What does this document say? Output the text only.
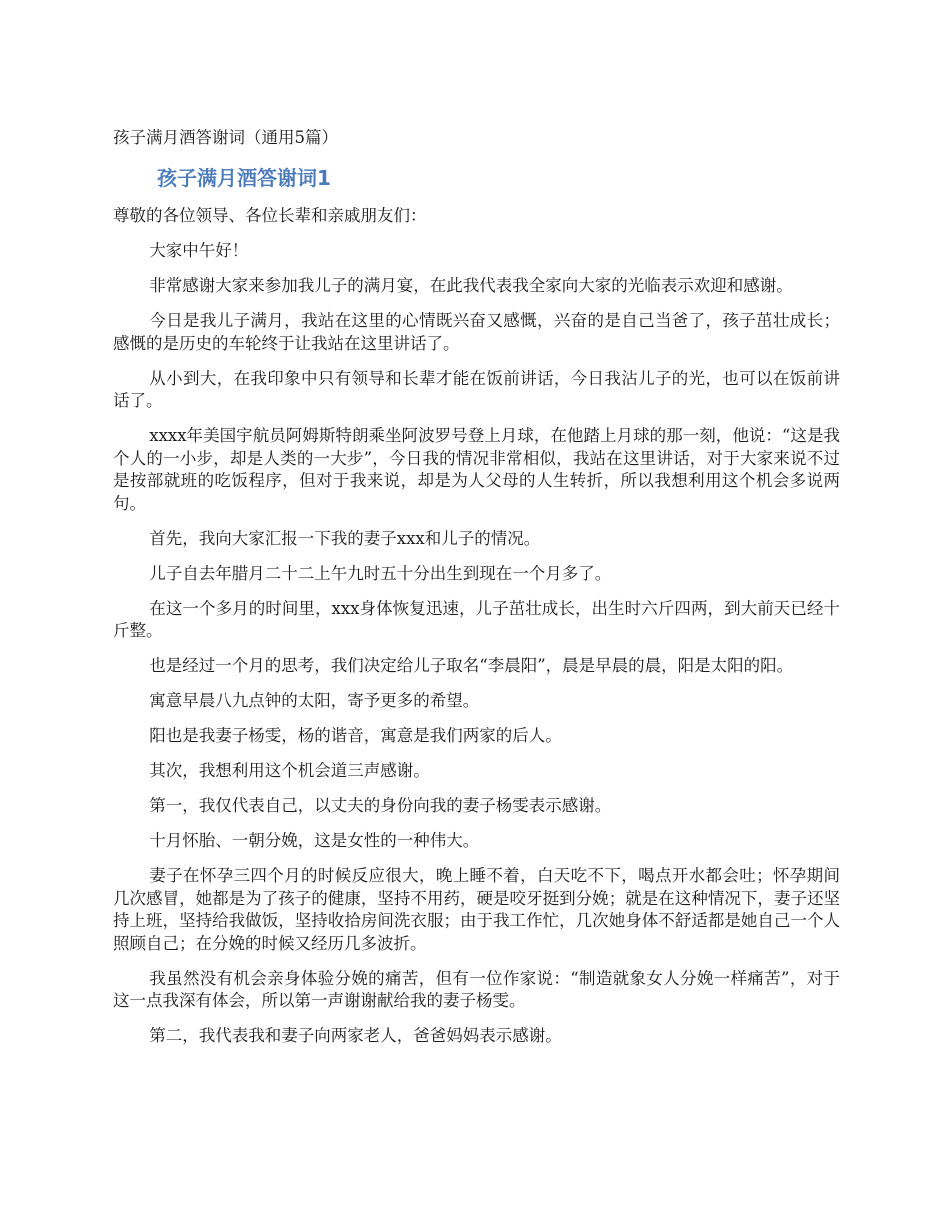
孩子满月酒答谢词（通用5篇）
孩子满月酒答谢词1

尊敬的各位领导、各位长辈和亲戚朋友们：

大家中午好！

非常感谢大家来参加我儿子的满月宴，在此我代表我全家向大家的光临表示欢迎和感谢。

今日是我儿子满月，我站在这里的心情既兴奋又感慨，兴奋的是自己当爸了，孩子茁壮成长；感慨的是历史的车轮终于让我站在这里讲话了。

从小到大，在我印象中只有领导和长辈才能在饭前讲话，今日我沾儿子的光，也可以在饭前讲话了。

xxxx年美国宇航员阿姆斯特朗乘坐阿波罗号登上月球，在他踏上月球的那一刻，他说：“这是我个人的一小步，却是人类的一大步”，今日我的情况非常相似，我站在这里讲话，对于大家来说不过是按部就班的吃饭程序，但对于我来说，却是为人父母的人生转折，所以我想利用这个机会多说两句。

首先，我向大家汇报一下我的妻子xxx和儿子的情况。

儿子自去年腊月二十二上午九时五十分出生到现在一个月多了。

在这一个多月的时间里，xxx身体恢复迅速，儿子茁壮成长，出生时六斤四两，到大前天已经十斤整。

也是经过一个月的思考，我们决定给儿子取名“李晨阳”，晨是早晨的晨，阳是太阳的阳。

寓意早晨八九点钟的太阳，寄予更多的希望。

阳也是我妻子杨雯，杨的谐音，寓意是我们两家的后人。

其次，我想利用这个机会道三声感谢。

第一，我仅代表自己，以丈夫的身份向我的妻子杨雯表示感谢。

十月怀胎、一朝分娩，这是女性的一种伟大。

妻子在怀孕三四个月的时候反应很大，晚上睡不着，白天吃不下，喝点开水都会吐；怀孕期间几次感冒，她都是为了孩子的健康，坚持不用药，硬是咬牙挺到分娩；就是在这种情况下，妻子还坚持上班，坚持给我做饭，坚持收拾房间洗衣服；由于我工作忙，几次她身体不舒适都是她自己一个人照顾自己；在分娩的时候又经历几多波折。

我虽然没有机会亲身体验分娩的痛苦，但有一位作家说：“制造就象女人分娩一样痛苦”，对于这一点我深有体会，所以第一声谢谢献给我的妻子杨雯。

第二，我代表我和妻子向两家老人，爸爸妈妈表示感谢。
